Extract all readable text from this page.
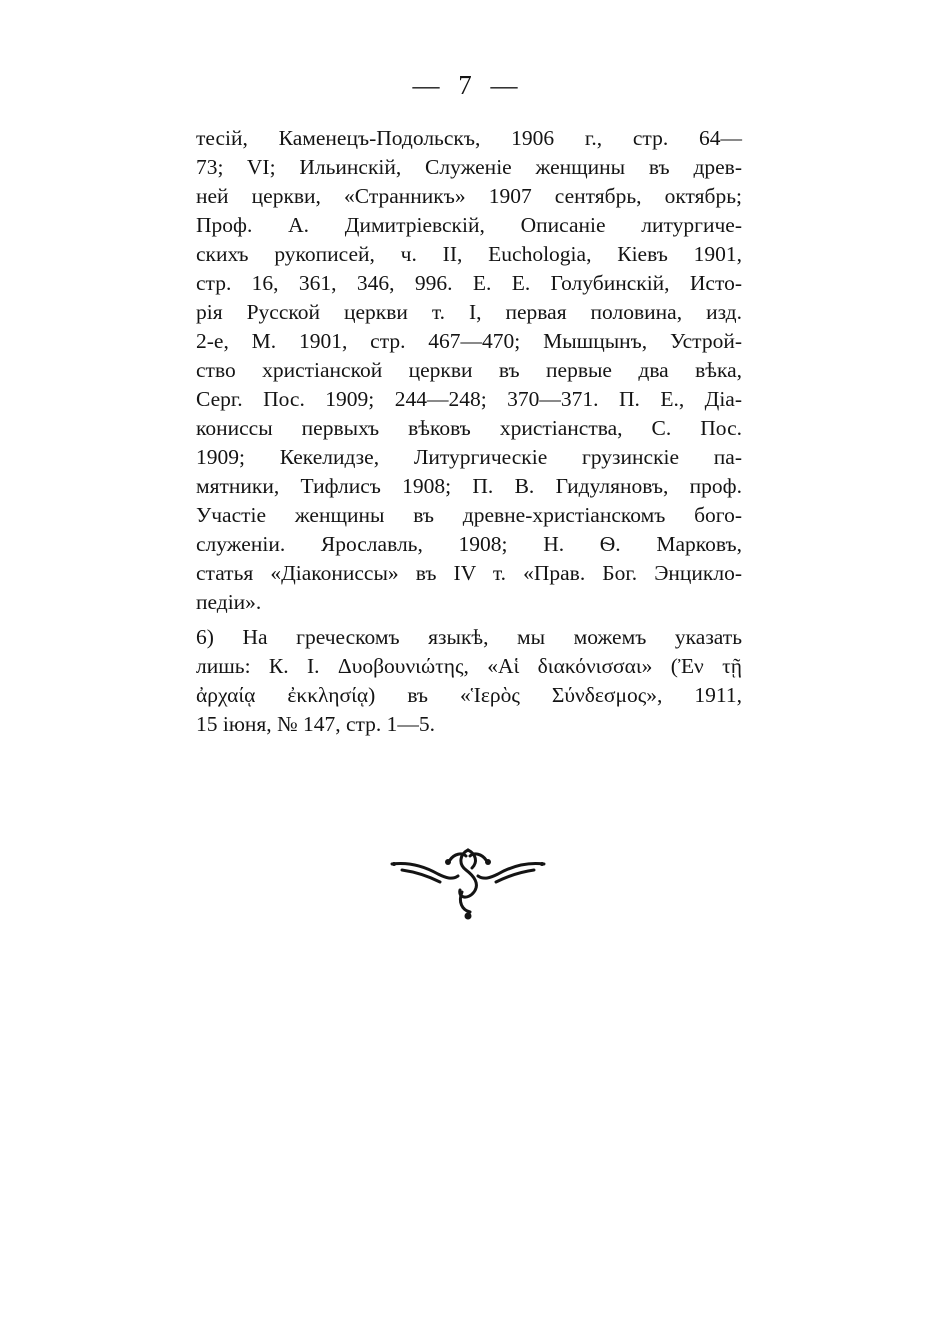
— 7 —
тесій, Каменецъ-Подольскъ, 1906 г., стр. 64—
73; VI; Ильинскій, Служеніе женщины въ древ-
ней церкви, «Странникъ» 1907 сентябрь, октябрь;
Проф. А. Димитріевскій, Описаніе литургиче-
скихъ рукописей, ч. II, Euchologia, Кіевъ 1901,
стр. 16, 361, 346, 996. Е. Е. Голубинскій, Исто-
рія Русской церкви т. I, первая половина, изд.
2-е, М. 1901, стр. 467—470; Мышцынъ, Устрой-
ство христіанской церкви въ первые два вѣка,
Серг. Пос. 1909; 244—248; 370—371. П. Е., Діа-
конисcы первыхъ вѣковъ христіанства, С. Пос.
1909; Кекелидзе, Литургическіе грузинскіе па-
мятники, Тифлисъ 1908; П. В. Гидуляновъ, проф.
Участіе женщины въ древне-христіанскомъ бого-
служеніи. Ярославль, 1908; Н. Ѳ. Марковъ,
статья «Діакониссы» въ IV т. «Прав. Бог. Энцикло-
педіи».
6) На греческомъ языкѣ, мы можемъ указать
лишь: К. I. Δυοβουνιώτης, «Αἱ διακόνισσαι» (Ἐν τῇ
ἀρχαίᾳ ἐκκλησίᾳ) въ «Ἱερὸς Σύνδεσμος», 1911,
15 іюня, № 147, стр. 1—5.
